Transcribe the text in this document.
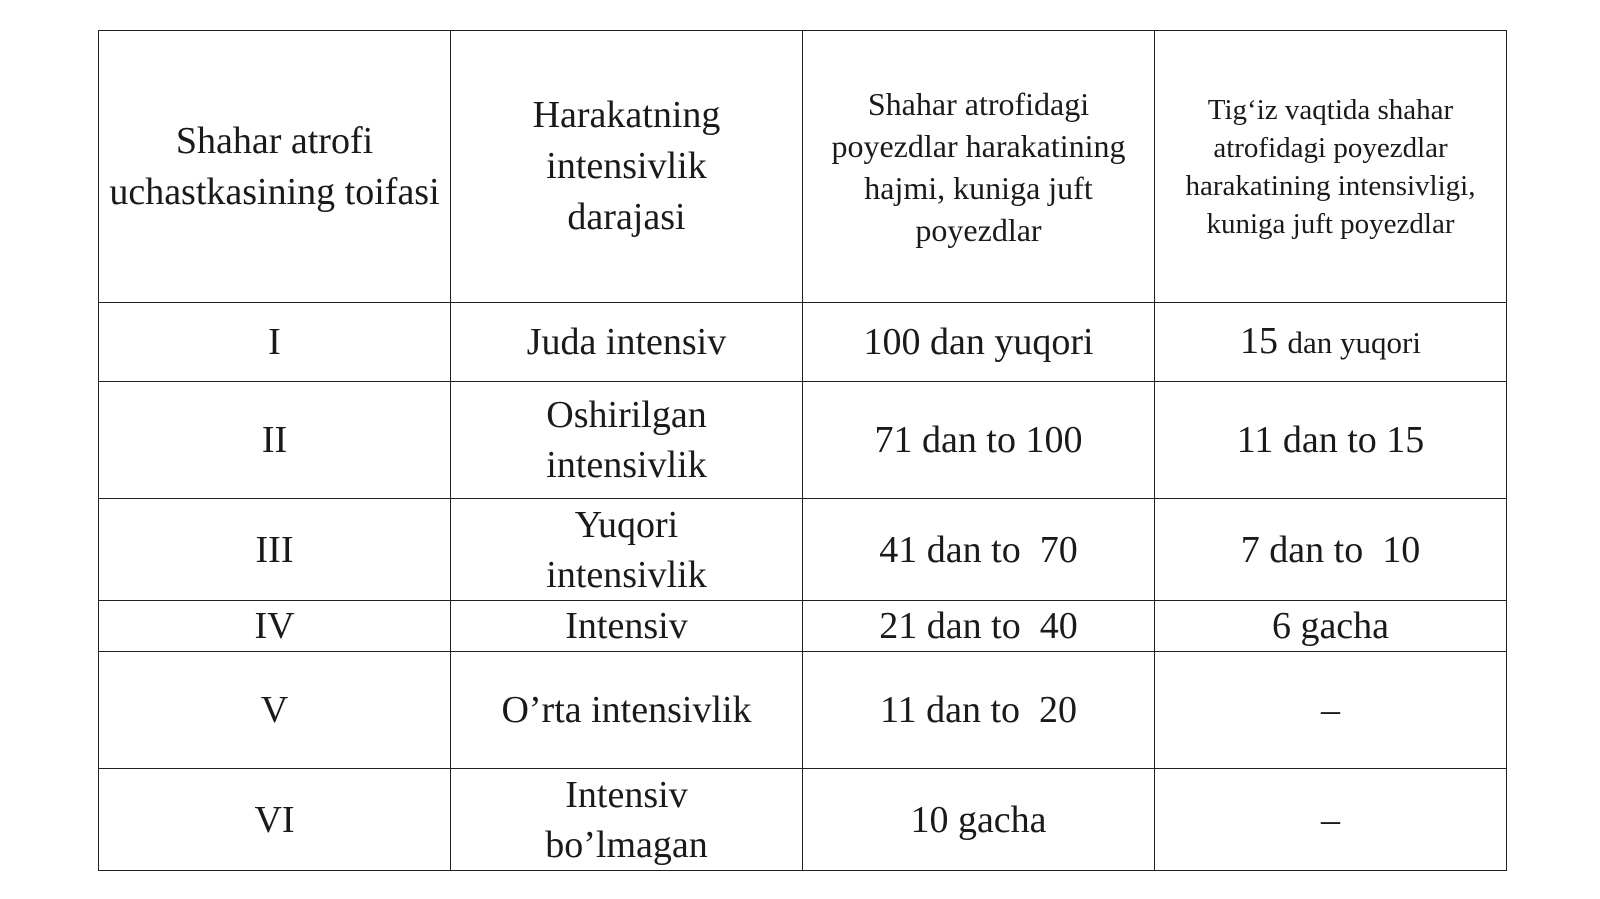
Shahar atrofi uchastkasining toifasi	Harakatning intensivlik darajasi	Shahar atrofidagi poyezdlar harakatining hajmi, kuniga juft poyezdlar	Tig‘iz vaqtida shahar atrofidagi poyezdlar harakatining intensivligi, kuniga juft poyezdlar
I	Juda intensiv	100 dan yuqori	15 dan yuqori
II	Oshirilgan intensivlik	71 dan to 100	11 dan to 15
III	Yuqori intensivlik	41 dan to  70	7 dan to  10
IV	Intensiv	21 dan to  40	6 gacha
V	O’rta intensivlik	11 dan to  20	–
VI	Intensiv bo’lmagan	10 gacha	–
